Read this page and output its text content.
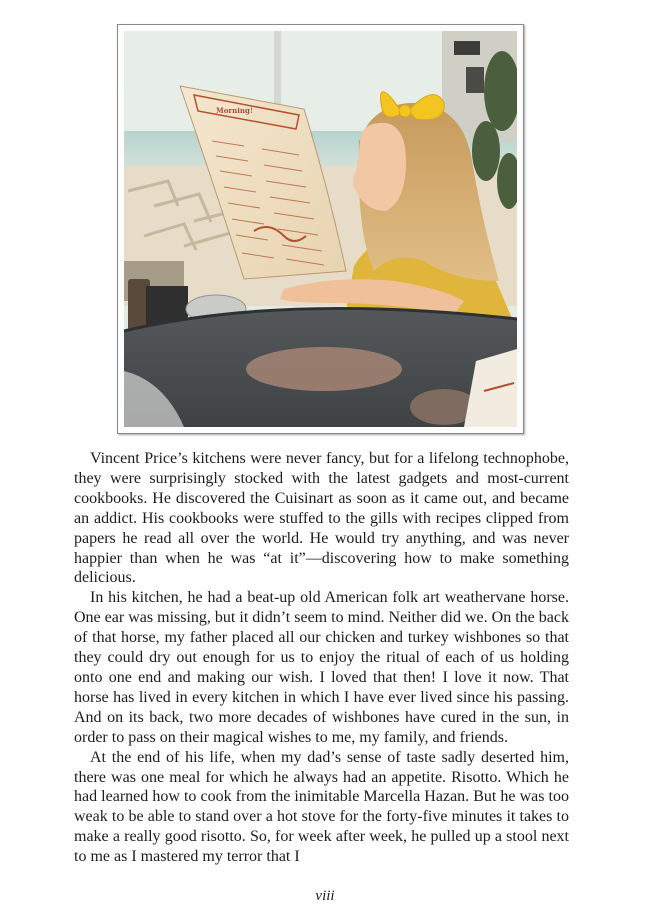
Morning!

Vincent Price’s kitchens were never fancy, but for a lifelong technophobe, they were surprisingly stocked with the latest gadgets and most-current cookbooks. He discovered the Cuisinart as soon as it came out, and became an addict. His cookbooks were stuffed to the gills with recipes clipped from papers he read all over the world. He would try anything, and was never happier than when he was “at it”—discovering how to make something delicious.

In his kitchen, he had a beat-up old American folk art weathervane horse. One ear was missing, but it didn’t seem to mind. Neither did we. On the back of that horse, my father placed all our chicken and turkey wishbones so that they could dry out enough for us to enjoy the ritual of each of us holding onto one end and making our wish. I loved that then! I love it now. That horse has lived in every kitchen in which I have ever lived since his passing. And on its back, two more decades of wishbones have cured in the sun, in order to pass on their magical wishes to me, my family, and friends.

At the end of his life, when my dad’s sense of taste sadly deserted him, there was one meal for which he always had an appetite. Risotto. Which he had learned how to cook from the inimitable Marcella Hazan. But he was too weak to be able to stand over a hot stove for the forty-five minutes it takes to make a really good risotto. So, for week after week, he pulled up a stool next to me as I mastered my terror that I

viii
